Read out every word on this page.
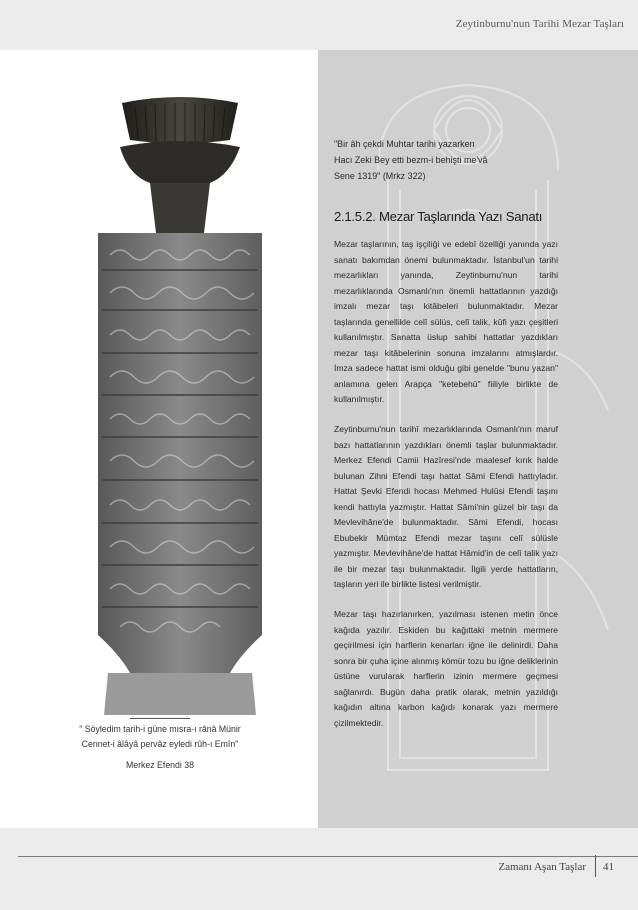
Zeytinburnu'nun Tarihi Mezar Taşları
" Söyledim tarih-i güne mısra-ı rânâ Münir
Cennet-i âlâyâ pervâz eyledi rûh-ı Emîn"
Merkez Efendi 38
"Bir âh çekdi Muhtar tarihi yazarken
Hacı Zeki Bey etti bezm-i behişti me'vâ
Sene 1319" (Mrkz 322)
2.1.5.2. Mezar Taşlarında Yazı Sanatı

Mezar taşlarının, taş işçiliği ve edebî özelliği yanında yazı sanatı bakımdan önemi bulunmaktadır. İstanbul'un tarihi mezarlıkları yanında, Zeytinburnu'nun tarihi mezarlıklarında Osmanlı'nın önemli hattatlarının yazdığı imzalı mezar taşı kitâbeleri bulunmaktadır. Mezar taşlarında genellikle celî sülüs, celî talik, kûfi yazı çeşitleri kullanılmıştır. Sanatta üslup sahibi hattatlar yazdıkları mezar taşı kitâbelerinin sonuna imzalarını atmışlardır. İmza sadece hattat ismi olduğu gibi genelde "bunu yazan" anlamına gelen Arapça "ketebehû" fiiliyle birlikte de kullanılmıştır.

Zeytinburnu'nun tarihî mezarlıklarında Osmanlı'nın maruf bazı hattatlarının yazdıkları önemli taşlar bulunmaktadır. Merkez Efendi Camii Hazîresi'nde maalesef kırık halde bulunan Zihni Efendi taşı hattat Sâmi Efendi hattıyladır. Hattat Şevki Efendi hocası Mehmed Hulûsi Efendi taşını kendi hattıyla yazmıştır. Hattat Sâmi'nin güzel bir taşı da Mevlevihâne'de bulunmaktadır. Sâmi Efendi, hocası Ebubekir Mümtaz Efendi mezar taşını celî sülüsle yazmıştır. Mevlevihâne'de hattat Hâmid'in de celî talik yazı ile bir mezar taşı bulunmaktadır. İlgili yerde hattatların, taşların yeri ile birlikte listesi verilmiştir.

Mezar taşı hazırlanırken, yazılması istenen metin önce kağıda yazılır. Eskiden bu kağıttaki metnin mermere geçirilmesi için harflerin kenarları iğne ile delinirdi. Daha sonra bir çuha içine alınmış kömür tozu bu iğne deliklerinin üstüne vurularak harflerin izinin mermere geçmesi sağlanırdı. Bugün daha pratik olarak, metnin yazıldığı kağıdın altına karbon kağıdı konarak yazı mermere çizilmektedir.

Zamanı Aşan Taşlar 41
